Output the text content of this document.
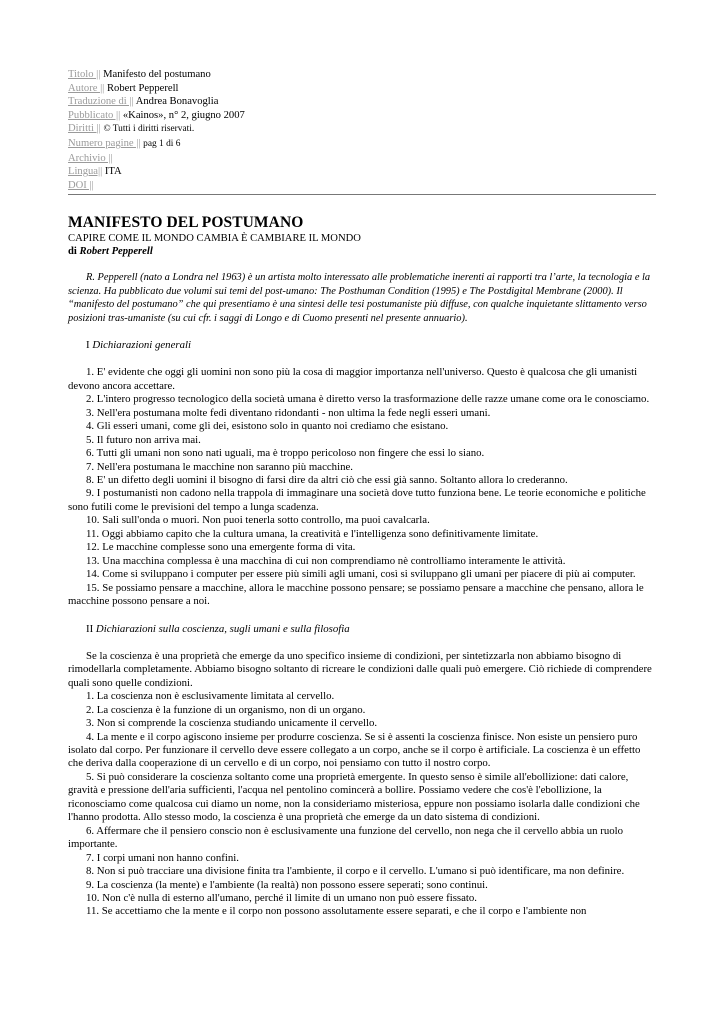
Titolo || Manifesto del postumano
Autore || Robert Pepperell
Traduzione di || Andrea Bonavoglia
Pubblicato || «Kainos», n° 2, giugno 2007
Diritti || © Tutti i diritti riservati.
Numero pagine || pag 1 di 6
Archivio ||
Lingua|| ITA
DOI ||
MANIFESTO DEL POSTUMANO

CAPIRE COME IL MONDO CAMBIA È CAMBIARE IL MONDO

di Robert Pepperell

R. Pepperell (nato a Londra nel 1963) è un artista molto interessato alle problematiche inerenti ai rapporti tra l’arte, la tecnologia e la scienza. Ha pubblicato due volumi sui temi del post-umano: The Posthuman Condition (1995) e The Postdigital Membrane (2000). Il “manifesto del postumano” che qui presentiamo è una sintesi delle tesi postumaniste più diffuse, con qualche inquietante slittamento verso posizioni tras-umaniste (su cui cfr. i saggi di Longo e di Cuomo presenti nel presente annuario).

I Dichiarazioni generali

1. E' evidente che oggi gli uomini non sono più la cosa di maggior importanza nell'universo. Questo è qualcosa che gli umanisti devono ancora accettare.
2. L'intero progresso tecnologico della società umana è diretto verso la trasformazione delle razze umane come ora le conosciamo.
3. Nell'era postumana molte fedi diventano ridondanti - non ultima la fede negli esseri umani.
4. Gli esseri umani, come gli dei, esistono solo in quanto noi crediamo che esistano.
5. Il futuro non arriva mai.
6. Tutti gli umani non sono nati uguali, ma è troppo pericoloso non fingere che essi lo siano.
7. Nell'era postumana le macchine non saranno più macchine.
8. E' un difetto degli uomini il bisogno di farsi dire da altri ciò che essi già sanno. Soltanto allora lo crederanno.
9. I postumanisti non cadono nella trappola di immaginare una società dove tutto funziona bene. Le teorie economiche e politiche sono futili come le previsioni del tempo a lunga scadenza.
10. Sali sull'onda o muori. Non puoi tenerla sotto controllo, ma puoi cavalcarla.
11. Oggi abbiamo capito che la cultura umana, la creatività e l'intelligenza sono definitivamente limitate.
12. Le macchine complesse sono una emergente forma di vita.
13. Una macchina complessa è una macchina di cui non comprendiamo nè controlliamo interamente le attività.
14. Come si sviluppano i computer per essere più simili agli umani, così si sviluppano gli umani per piacere di più ai computer.
15. Se possiamo pensare a macchine, allora le macchine possono pensare; se possiamo pensare a macchine che pensano, allora le macchine possono pensare a noi.

II Dichiarazioni sulla coscienza, sugli umani e sulla filosofia

Se la coscienza è una proprietà che emerge da uno specifico insieme di condizioni, per sintetizzarla non abbiamo bisogno di rimodellarla completamente. Abbiamo bisogno soltanto di ricreare le condizioni dalle quali può emergere. Ciò richiede di comprendere quali sono quelle condizioni.

1. La coscienza non è esclusivamente limitata al cervello.
2. La coscienza è la funzione di un organismo, non di un organo.
3. Non si comprende la coscienza studiando unicamente il cervello.
4. La mente e il corpo agiscono insieme per produrre coscienza. Se si è assenti la coscienza finisce. Non esiste un pensiero puro isolato dal corpo. Per funzionare il cervello deve essere collegato a un corpo, anche se il corpo è artificiale. La coscienza è un effetto che deriva dalla cooperazione di un cervello e di un corpo, noi pensiamo con tutto il nostro corpo.
5. Si può considerare la coscienza soltanto come una proprietà emergente. In questo senso è simile all'ebollizione: dati calore, gravità e pressione dell'aria sufficienti, l'acqua nel pentolino comincerà a bollire. Possiamo vedere che cos'è l'ebollizione, la riconosciamo come qualcosa cui diamo un nome, non la consideriamo misteriosa, eppure non possiamo isolarla dalle condizioni che l'hanno prodotta. Allo stesso modo, la coscienza è una proprietà che emerge da un dato sistema di condizioni.
6. Affermare che il pensiero conscio non è esclusivamente una funzione del cervello, non nega che il cervello abbia un ruolo importante.
7. I corpi umani non hanno confini.
8. Non si può tracciare una divisione finita tra l'ambiente, il corpo e il cervello. L'umano si può identificare, ma non definire.
9. La coscienza (la mente) e l'ambiente (la realtà) non possono essere seperati; sono continui.
10. Non c'è nulla di esterno all'umano, perché il limite di un umano non può essere fissato.
11. Se accettiamo che la mente e il corpo non possono assolutamente essere separati, e che il corpo e l'ambiente non
